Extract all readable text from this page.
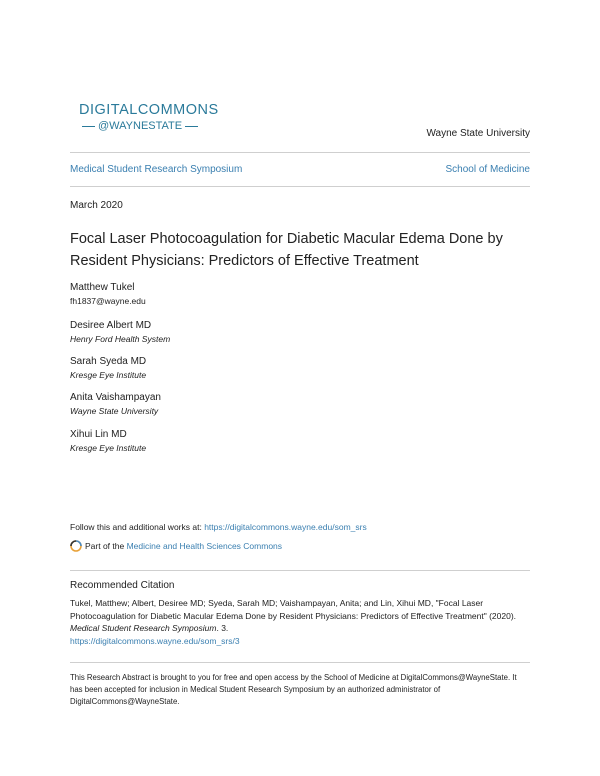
DIGITALCOMMONS
@WAYNESTATE
Wayne State University
Medical Student Research Symposium	School of Medicine
March 2020
Focal Laser Photocoagulation for Diabetic Macular Edema Done by Resident Physicians: Predictors of Effective Treatment
Matthew Tukel
fh1837@wayne.edu
Desiree Albert MD
Henry Ford Health System
Sarah Syeda MD
Kresge Eye Institute
Anita Vaishampayan
Wayne State University
Xihui Lin MD
Kresge Eye Institute
Follow this and additional works at: https://digitalcommons.wayne.edu/som_srs
Part of the
Medicine and Health Sciences Commons
Recommended Citation
Tukel, Matthew; Albert, Desiree MD; Syeda, Sarah MD; Vaishampayan, Anita; and Lin, Xihui MD, "Focal Laser Photocoagulation for Diabetic Macular Edema Done by Resident Physicians: Predictors of Effective Treatment" (2020). Medical Student Research Symposium. 3.
https://digitalcommons.wayne.edu/som_srs/3
This Research Abstract is brought to you for free and open access by the School of Medicine at DigitalCommons@WayneState. It has been accepted for inclusion in Medical Student Research Symposium by an authorized administrator of DigitalCommons@WayneState.
